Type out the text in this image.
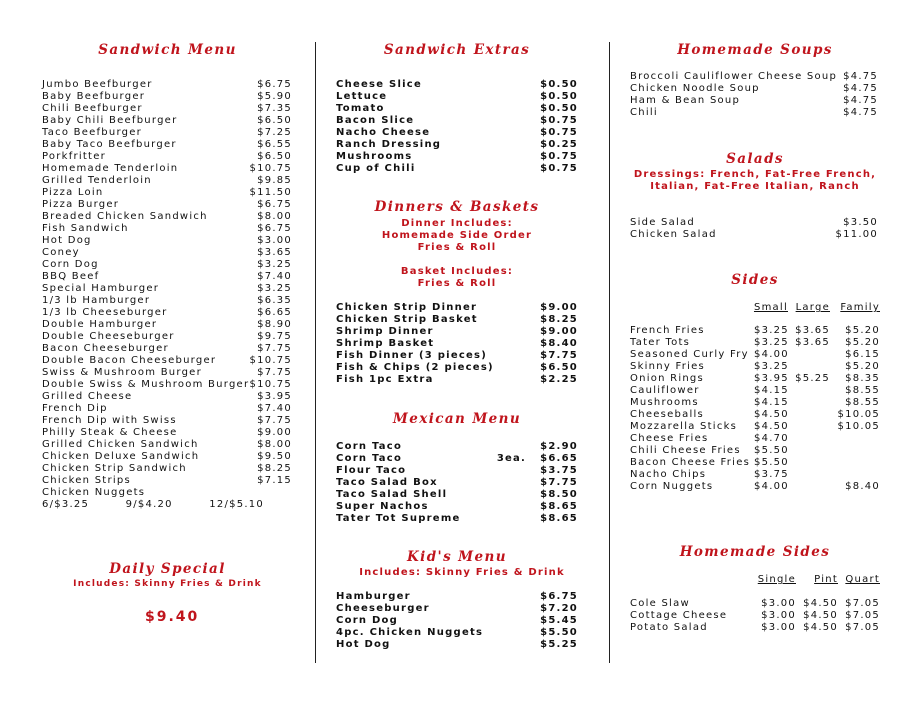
Sandwich Menu
Jumbo Beefburger	$6.75
Baby Beefburger	$5.90
Chili Beefburger	$7.35
Baby Chili Beefburger	$6.50
Taco Beefburger	$7.25
Baby Taco Beefburger	$6.55
Porkfritter	$6.50
Homemade Tenderloin	$10.75
Grilled Tenderloin	$9.85
Pizza Loin	$11.50
Pizza Burger	$6.75
Breaded Chicken Sandwich	$8.00
Fish Sandwich	$6.75
Hot Dog	$3.00
Coney	$3.65
Corn Dog	$3.25
BBQ Beef	$7.40
Special Hamburger	$3.25
1/3 lb Hamburger	$6.35
1/3 lb Cheeseburger	$6.65
Double Hamburger	$8.90
Double Cheeseburger	$9.75
Bacon Cheeseburger	$7.75
Double Bacon Cheeseburger	$10.75
Swiss & Mushroom Burger	$7.75
Double Swiss & Mushroom Burger $10.75
Grilled Cheese	$3.95
French Dip	$7.40
French Dip with Swiss	$7.75
Philly Steak & Cheese	$9.00
Grilled Chicken Sandwich	$8.00
Chicken Deluxe Sandwich	$9.50
Chicken Strip Sandwich	$8.25
Chicken Strips	$7.15
Chicken Nuggets
6/$3.25	9/$4.20	12/$5.10
Daily Special
Includes: Skinny Fries & Drink
$9.40
Sandwich Extras
Cheese Slice	$0.50
Lettuce	$0.50
Tomato	$0.50
Bacon Slice	$0.75
Nacho Cheese	$0.75
Ranch Dressing	$0.25
Mushrooms	$0.75
Cup of Chili	$0.75
Dinners & Baskets
Dinner Includes:
Homemade Side Order
Fries & Roll
Basket Includes:
Fries & Roll
Chicken Strip Dinner	$9.00
Chicken Strip Basket	$8.25
Shrimp Dinner	$9.00
Shrimp Basket	$8.40
Fish Dinner (3 pieces)	$7.75
Fish & Chips (2 pieces)	$6.50
Fish 1pc Extra	$2.25
Mexican Menu
Corn Taco	$2.90
Corn Taco	3ea. $6.65
Flour Taco	$3.75
Taco Salad Box	$7.75
Taco Salad Shell	$8.50
Super Nachos	$8.65
Tater Tot Supreme	$8.65
Kid's Menu
Includes: Skinny Fries & Drink
Hamburger	$6.75
Cheeseburger	$7.20
Corn Dog	$5.45
4pc. Chicken Nuggets	$5.50
Hot Dog	$5.25
Homemade Soups
Broccoli Cauliflower Cheese Soup $4.75
Chicken Noodle Soup	$4.75
Ham & Bean Soup	$4.75
Chili	$4.75
Salads
Dressings: French, Fat-Free French,
Italian, Fat-Free Italian, Ranch
Side Salad	$3.50
Chicken Salad	$11.00
Sides
Small Large	Family
French Fries	$3.25 $3.65	$5.20
Tater Tots	$3.25 $3.65	$5.20
Seasoned Curly Fry $4.00	$6.15
Skinny Fries	$3.25	$5.20
Onion Rings	$3.95 $5.25	$8.35
Cauliflower	$4.15	$8.55
Mushrooms	$4.15	$8.55
Cheeseballs	$4.50	$10.05
Mozzarella Sticks	$4.50	$10.05
Cheese Fries	$4.70
Chili Cheese Fries	$5.50
Bacon Cheese Fries $5.50
Nacho Chips	$3.75
Corn Nuggets	$4.00	$8.40
Homemade Sides
Single	Pint Quart
Cole Slaw	$3.00 $4.50 $7.05
Cottage Cheese	$3.00 $4.50 $7.05
Potato Salad	$3.00 $4.50 $7.05
